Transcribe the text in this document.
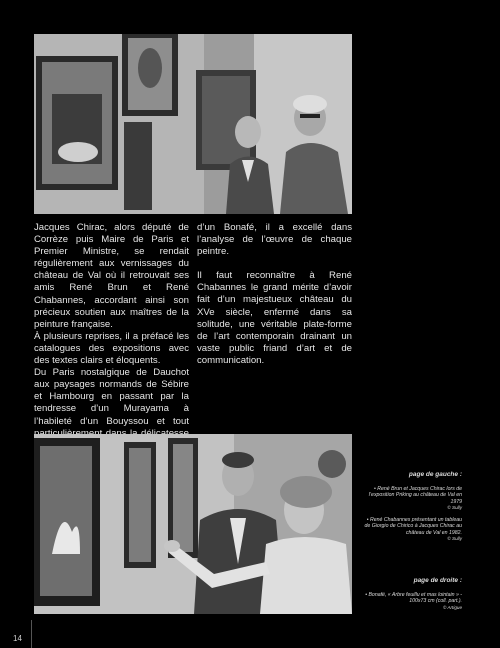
Jacques Chirac, alors député de Corrèze puis Maire de Paris et Premier Ministre, se rendait régulièrement aux vernissages du château de Val où il retrouvait ses amis René Brun et René Chabannes, accordant ainsi son précieux soutien aux maîtres de la peinture française.

À plusieurs reprises, il a préfacé les catalogues des expositions avec des textes clairs et éloquents.

Du Paris nostalgique de Dauchot aux paysages normands de Sébire et Hambourg en passant par la tendresse d’un Murayama à l’habileté d’un Bouyssou et tout

d’un Bonafé, il a excellé dans l’analyse de l’œuvre de chaque peintre.

Il faut reconnaître à René Chabannes le grand mérite d’avoir fait d’un majestueux château du XVe siècle, enfermé dans sa solitude, une véritable plate-forme de l’art contemporain drainant un vaste public friand d’art et de communication.

page de gauche :

• René Brun et Jacques Chirac lors de l’exposition Priking au château de Val en 1979
© Sully

• René Chabannes présentant un tableau de Giorgio de Chirico à Jacques Chirac au château de Val en 1982.
© Sully

page de droite :

• Bonafé, « Arbre feuillu et mas lointain » - 100x73 cm (coll. part.).
© Artigue

14
